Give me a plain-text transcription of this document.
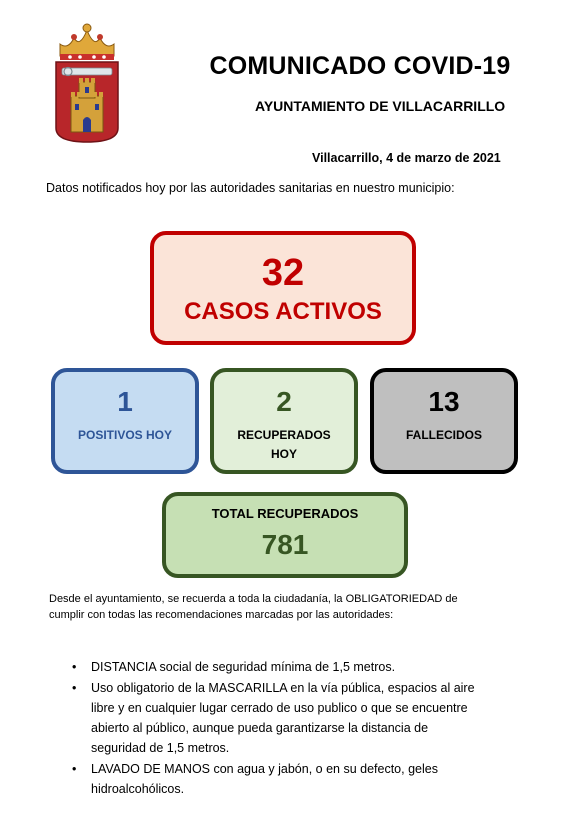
COMUNICADO COVID-19
AYUNTAMIENTO DE VILLACARRILLO
Villacarrillo, 4 de marzo de 2021
Datos notificados hoy por las autoridades sanitarias en nuestro municipio:
32
CASOS ACTIVOS
1
POSITIVOS HOY
2
RECUPERADOS
HOY
13
FALLECIDOS
TOTAL RECUPERADOS
781
Desde el ayuntamiento, se recuerda a toda la ciudadanía, la OBLIGATORIEDAD de
cumplir con todas las recomendaciones marcadas por las autoridades:
• DISTANCIA social de seguridad mínima de 1,5 metros.
• Uso obligatorio de la MASCARILLA en la vía pública, espacios al aire
libre y en cualquier lugar cerrado de uso publico o que se encuentre
abierto al público, aunque pueda garantizarse la distancia de
seguridad de 1,5 metros.
• LAVADO DE MANOS con agua y jabón, o en su defecto, geles
hidroalcohólicos.
